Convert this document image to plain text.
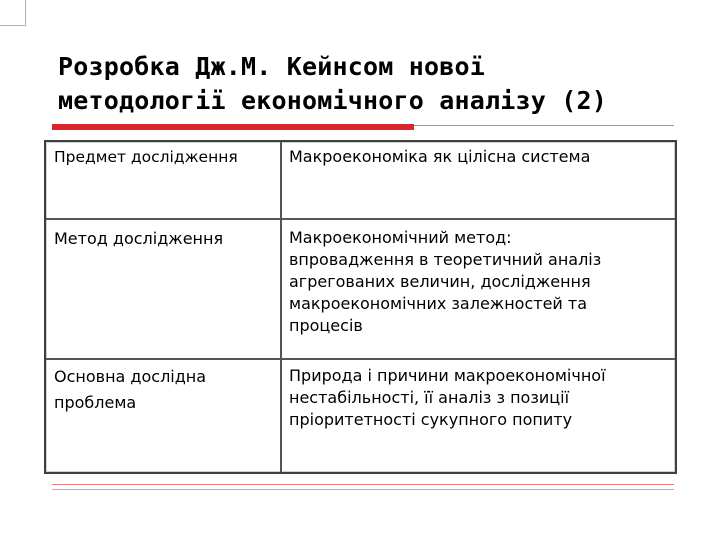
Розробка Дж.М. Кейнсом нової
методології економічного аналізу (2)
Предмет дослідження	Макроекономіка як цілісна система
Метод дослідження	Макроекономічний метод:
впровадження в теоретичний аналіз
агрегованих величин, дослідження
макроекономічних залежностей та
процесів
Основна дослідна
проблема
Природа і причини макроекономічної
нестабільності, її аналіз з позиції
пріоритетності сукупного попиту
